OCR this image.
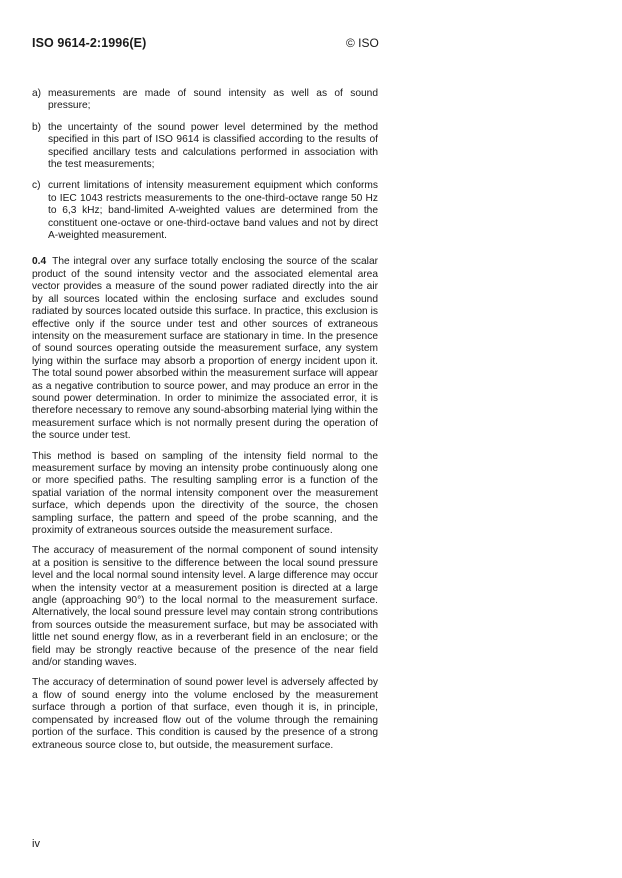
ISO 9614-2:1996(E)	© ISO
a) measurements are made of sound intensity as well as of sound pressure;
b) the uncertainty of the sound power level determined by the method specified in this part of ISO 9614 is classified according to the results of specified ancillary tests and calculations performed in association with the test measurements;
c) current limitations of intensity measurement equipment which conforms to IEC 1043 restricts measurements to the one-third-octave range 50 Hz to 6,3 kHz; band-limited A-weighted values are determined from the constituent one-octave or one-third-octave band values and not by direct A-weighted measurement.

0.4 The integral over any surface totally enclosing the source of the scalar product of the sound intensity vector and the associated elemental area vector provides a measure of the sound power radiated directly into the air by all sources located within the enclosing surface and excludes sound radiated by sources located outside this surface. In practice, this exclusion is effective only if the source under test and other sources of extraneous intensity on the measurement surface are stationary in time. In the presence of sound sources operating outside the measurement surface, any system lying within the surface may absorb a proportion of energy incident upon it. The total sound power absorbed within the measurement surface will appear as a negative contribution to source power, and may produce an error in the sound power determination. In order to minimize the associated error, it is therefore necessary to remove any sound-absorbing material lying within the measurement surface which is not normally present during the operation of the source under test.

This method is based on sampling of the intensity field normal to the measurement surface by moving an intensity probe continuously along one or more specified paths. The resulting sampling error is a function of the spatial variation of the normal intensity component over the measurement surface, which depends upon the directivity of the source, the chosen sampling surface, the pattern and speed of the probe scanning, and the proximity of extraneous sources outside the measurement surface.

The accuracy of measurement of the normal component of sound intensity at a position is sensitive to the difference between the local sound pressure level and the local normal sound intensity level. A large difference may occur when the intensity vector at a measurement position is directed at a large angle (approaching 90°) to the local normal to the measurement surface. Alternatively, the local sound pressure level may contain strong contributions from sources outside the measurement surface, but may be associated with little net sound energy flow, as in a reverberant field in an enclosure; or the field may be strongly reactive because of the presence of the near field and/or standing waves.

The accuracy of determination of sound power level is adversely affected by a flow of sound energy into the volume enclosed by the measurement surface through a portion of that surface, even though it is, in principle, compensated by increased flow out of the volume through the remaining portion of the surface. This condition is caused by the presence of a strong extraneous source close to, but outside, the measurement surface.

iv
